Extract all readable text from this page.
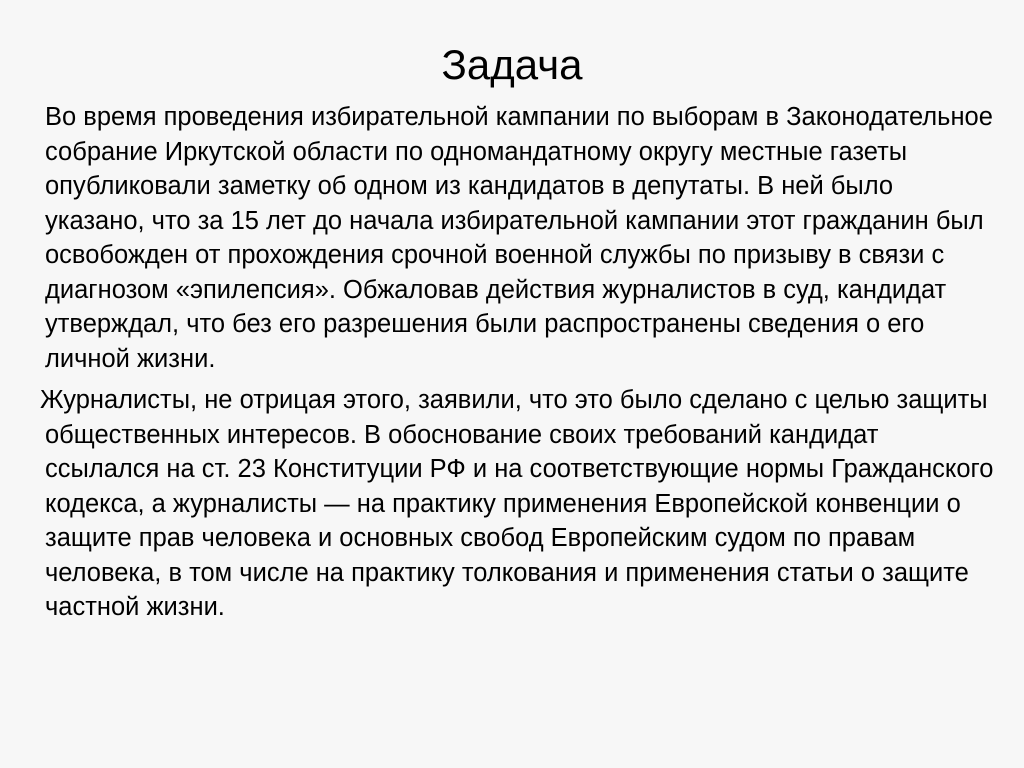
Задача

Во время проведения избирательной кампании по выборам в Законодательное собрание Иркутской области по одномандатному округу местные газеты опубликовали заметку об одном из кандидатов в депутаты. В ней было указано, что за 15 лет до начала избирательной кампании этот гражданин был освобожден от прохождения срочной военной службы по призыву в связи с диагнозом «эпилепсия». Обжаловав действия журналистов в суд, кандидат утверждал, что без его разрешения были распространены сведения о его личной жизни.

Журналисты, не отрицая этого, заявили, что это было сделано с целью защиты общественных интересов. В обоснование своих требований кандидат ссылался на ст. 23 Конституции РФ и на соответствующие нормы Гражданского кодекса, а журналисты — на практику применения Европейской конвенции о защите прав человека и основных свобод Европейским судом по правам человека, в том числе на практику толкования и применения статьи о защите частной жизни.
